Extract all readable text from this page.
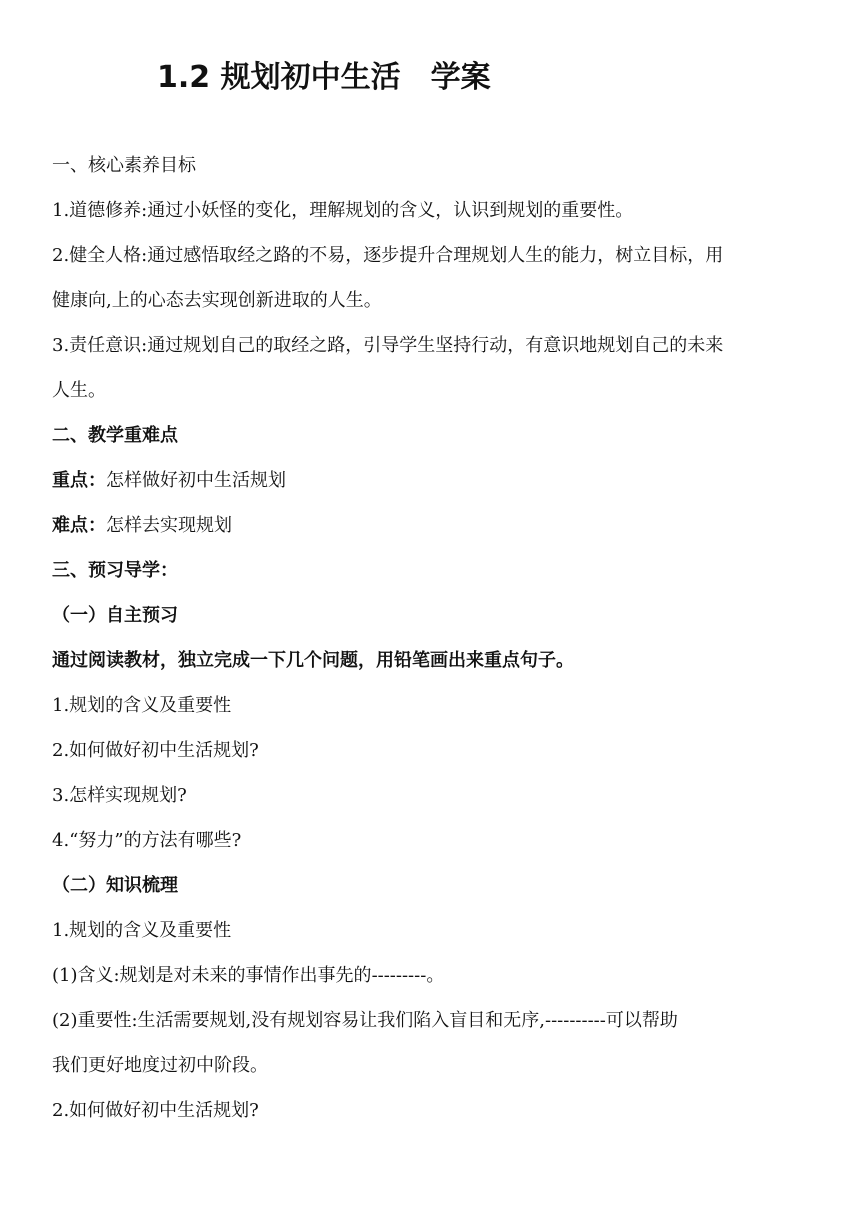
1.2 规划初中生活　学案
一、核心素养目标
1.道德修养:通过小妖怪的变化，理解规划的含义，认识到规划的重要性。
2.健全人格:通过感悟取经之路的不易，逐步提升合理规划人生的能力，树立目标，用
健康向,上的心态去实现创新进取的人生。
3.责任意识:通过规划自己的取经之路，引导学生坚持行动，有意识地规划自己的未来
人生。
二、教学重难点
重点：怎样做好初中生活规划
难点：怎样去实现规划
三、预习导学：
（一）自主预习
通过阅读教材，独立完成一下几个问题，用铅笔画出来重点句子。
1.规划的含义及重要性
2.如何做好初中生活规划?
3.怎样实现规划?
4.“努力”的方法有哪些?
（二）知识梳理
1.规划的含义及重要性
(1)含义:规划是对未来的事情作出事先的---------。
(2)重要性:生活需要规划,没有规划容易让我们陷入盲目和无序,----------可以帮助
我们更好地度过初中阶段。
2.如何做好初中生活规划?
